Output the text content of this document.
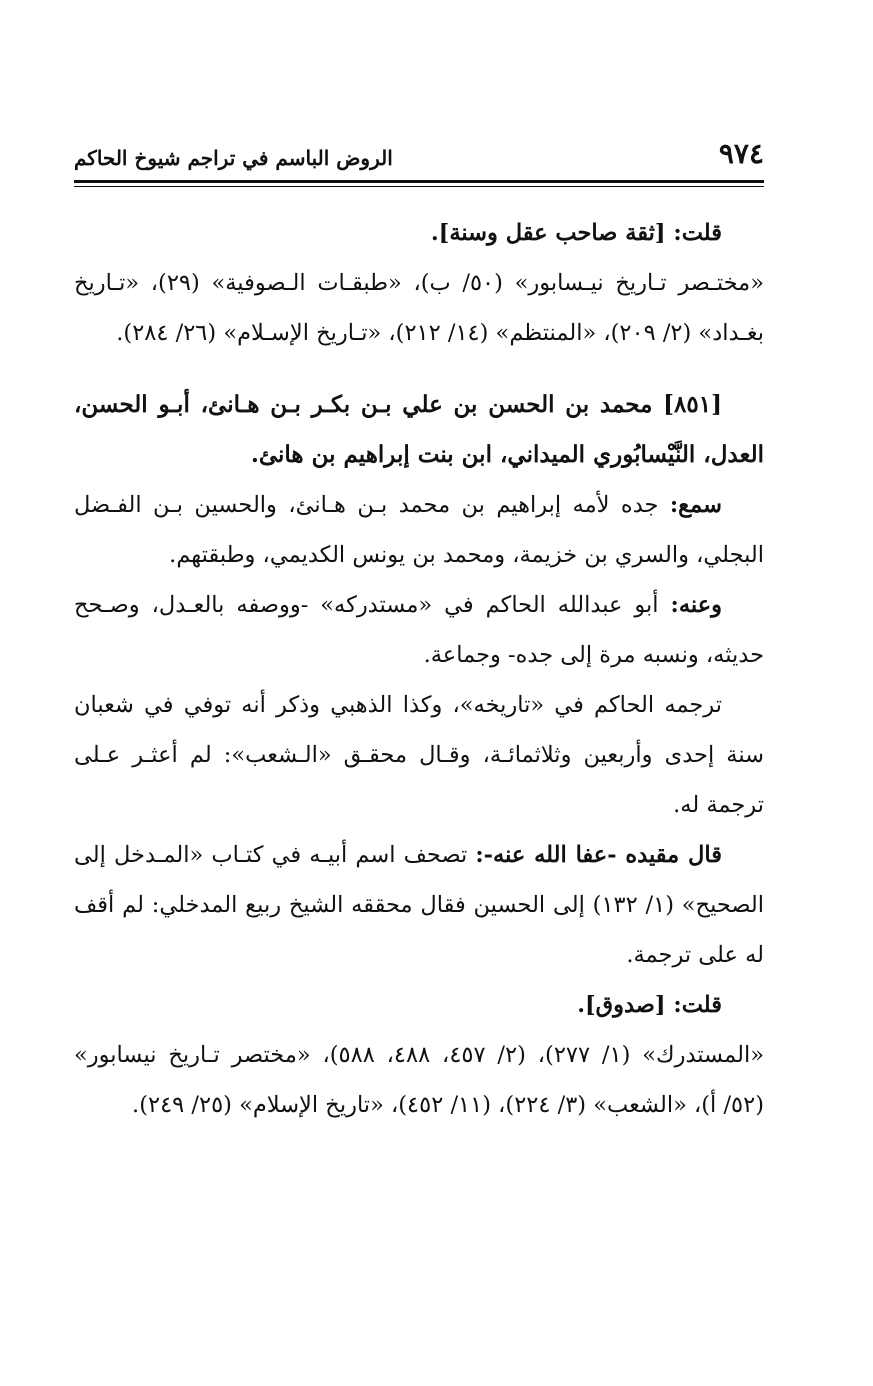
٩٧٤
الروض الباسم في تراجم شيوخ الحاكم

قلت: [ثقة صاحب عقل وسنة].

«مختـصر تـاريخ نيـسابور» (٥٠/ ب)، «طبقـات الـصوفية» (٢٩)، «تـاريخ بغـداد» (٢/ ٢٠٩)، «المنتظم» (١٤/ ٢١٢)، «تـاريخ الإسـلام» (٢٦/ ٢٨٤).

[٨٥١] محمد بن الحسن بن علي بـن بكـر بـن هـانئ، أبـو الحسن، العدل، النَّيْسابُوري الميداني، ابن بنت إبراهيم بن هانئ.

سمع: جده لأمه إبراهيم بن محمد بـن هـانئ، والحسين بـن الفـضل البجلي، والسري بن خزيمة، ومحمد بن يونس الكديمي، وطبقتهم.

وعنه: أبو عبدالله الحاكم في «مستدركه» -ووصفه بالعـدل، وصـحح حديثه، ونسبه مرة إلى جده- وجماعة.

ترجمه الحاكم في «تاريخه»، وكذا الذهبي وذكر أنه توفي في شعبان سنة إحدى وأربعين وثلاثمائـة، وقـال محقـق «الـشعب»: لم أعثـر عـلى ترجمة له.

قال مقيده -عفا الله عنه-: تصحف اسم أبيـه في كتـاب «المـدخل إلى الصحيح» (١/ ١٣٢) إلى الحسين فقال محققه الشيخ ربيع المدخلي: لم أقف له على ترجمة.

قلت: [صدوق].

«المستدرك» (١/ ٢٧٧)، (٢/ ٤٥٧، ٤٨٨، ٥٨٨)، «مختصر تـاريخ نيسابور» (٥٢/ أ)، «الشعب» (٣/ ٢٢٤)، (١١/ ٤٥٢)، «تاريخ الإسلام» (٢٥/ ٢٤٩).
